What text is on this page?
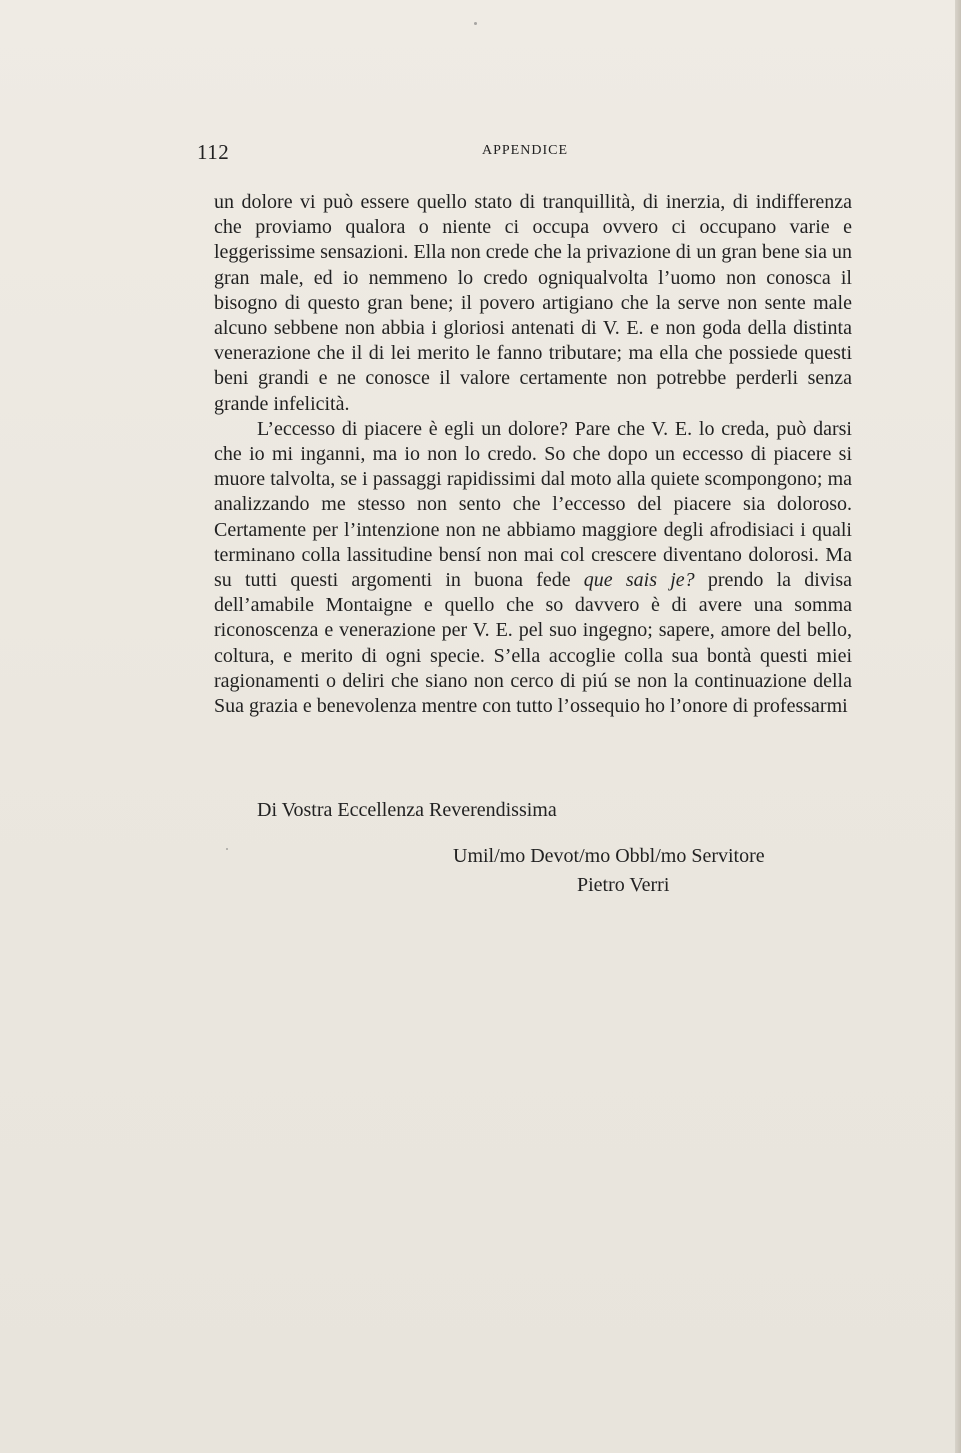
112	APPENDICE

un dolore vi può essere quello stato di tranquillità, di inerzia, di indifferenza che proviamo qualora o niente ci occupa ovvero ci occupano varie e leggerissime sensazioni. Ella non crede che la privazione di un gran bene sia un gran male, ed io nemmeno lo credo ogniqualvolta l’uomo non conosca il bisogno di questo gran bene; il povero artigiano che la serve non sente male alcuno sebbene non abbia i gloriosi antenati di V. E. e non goda della distinta venerazione che il di lei merito le fanno tributare; ma ella che possiede questi beni grandi e ne conosce il valore certamente non potrebbe perderli senza grande infelicità.

L’eccesso di piacere è egli un dolore? Pare che V. E. lo creda, può darsi che io mi inganni, ma io non lo credo. So che dopo un eccesso di piacere si muore talvolta, se i passaggi rapidissimi dal moto alla quiete scompongono; ma analizzando me stesso non sento che l’eccesso del piacere sia doloroso. Certamente per l’intenzione non ne abbiamo maggiore degli afrodisiaci i quali terminano colla lassitudine bensí non mai col crescere diventano dolorosi. Ma su tutti questi argomenti in buona fede que sais je? prendo la divisa dell’amabile Montaigne e quello che so davvero è di avere una somma riconoscenza e venerazione per V. E. pel suo ingegno; sapere, amore del bello, coltura, e merito di ogni specie. S’ella accoglie colla sua bontà questi miei ragionamenti o deliri che siano non cerco di piú se non la continuazione della Sua grazia e benevolenza mentre con tutto l’ossequio ho l’onore di professarmi

Di Vostra Eccellenza Reverendissima
Umil/mo Devot/mo Obbl/mo Servitore
Pietro Verri
